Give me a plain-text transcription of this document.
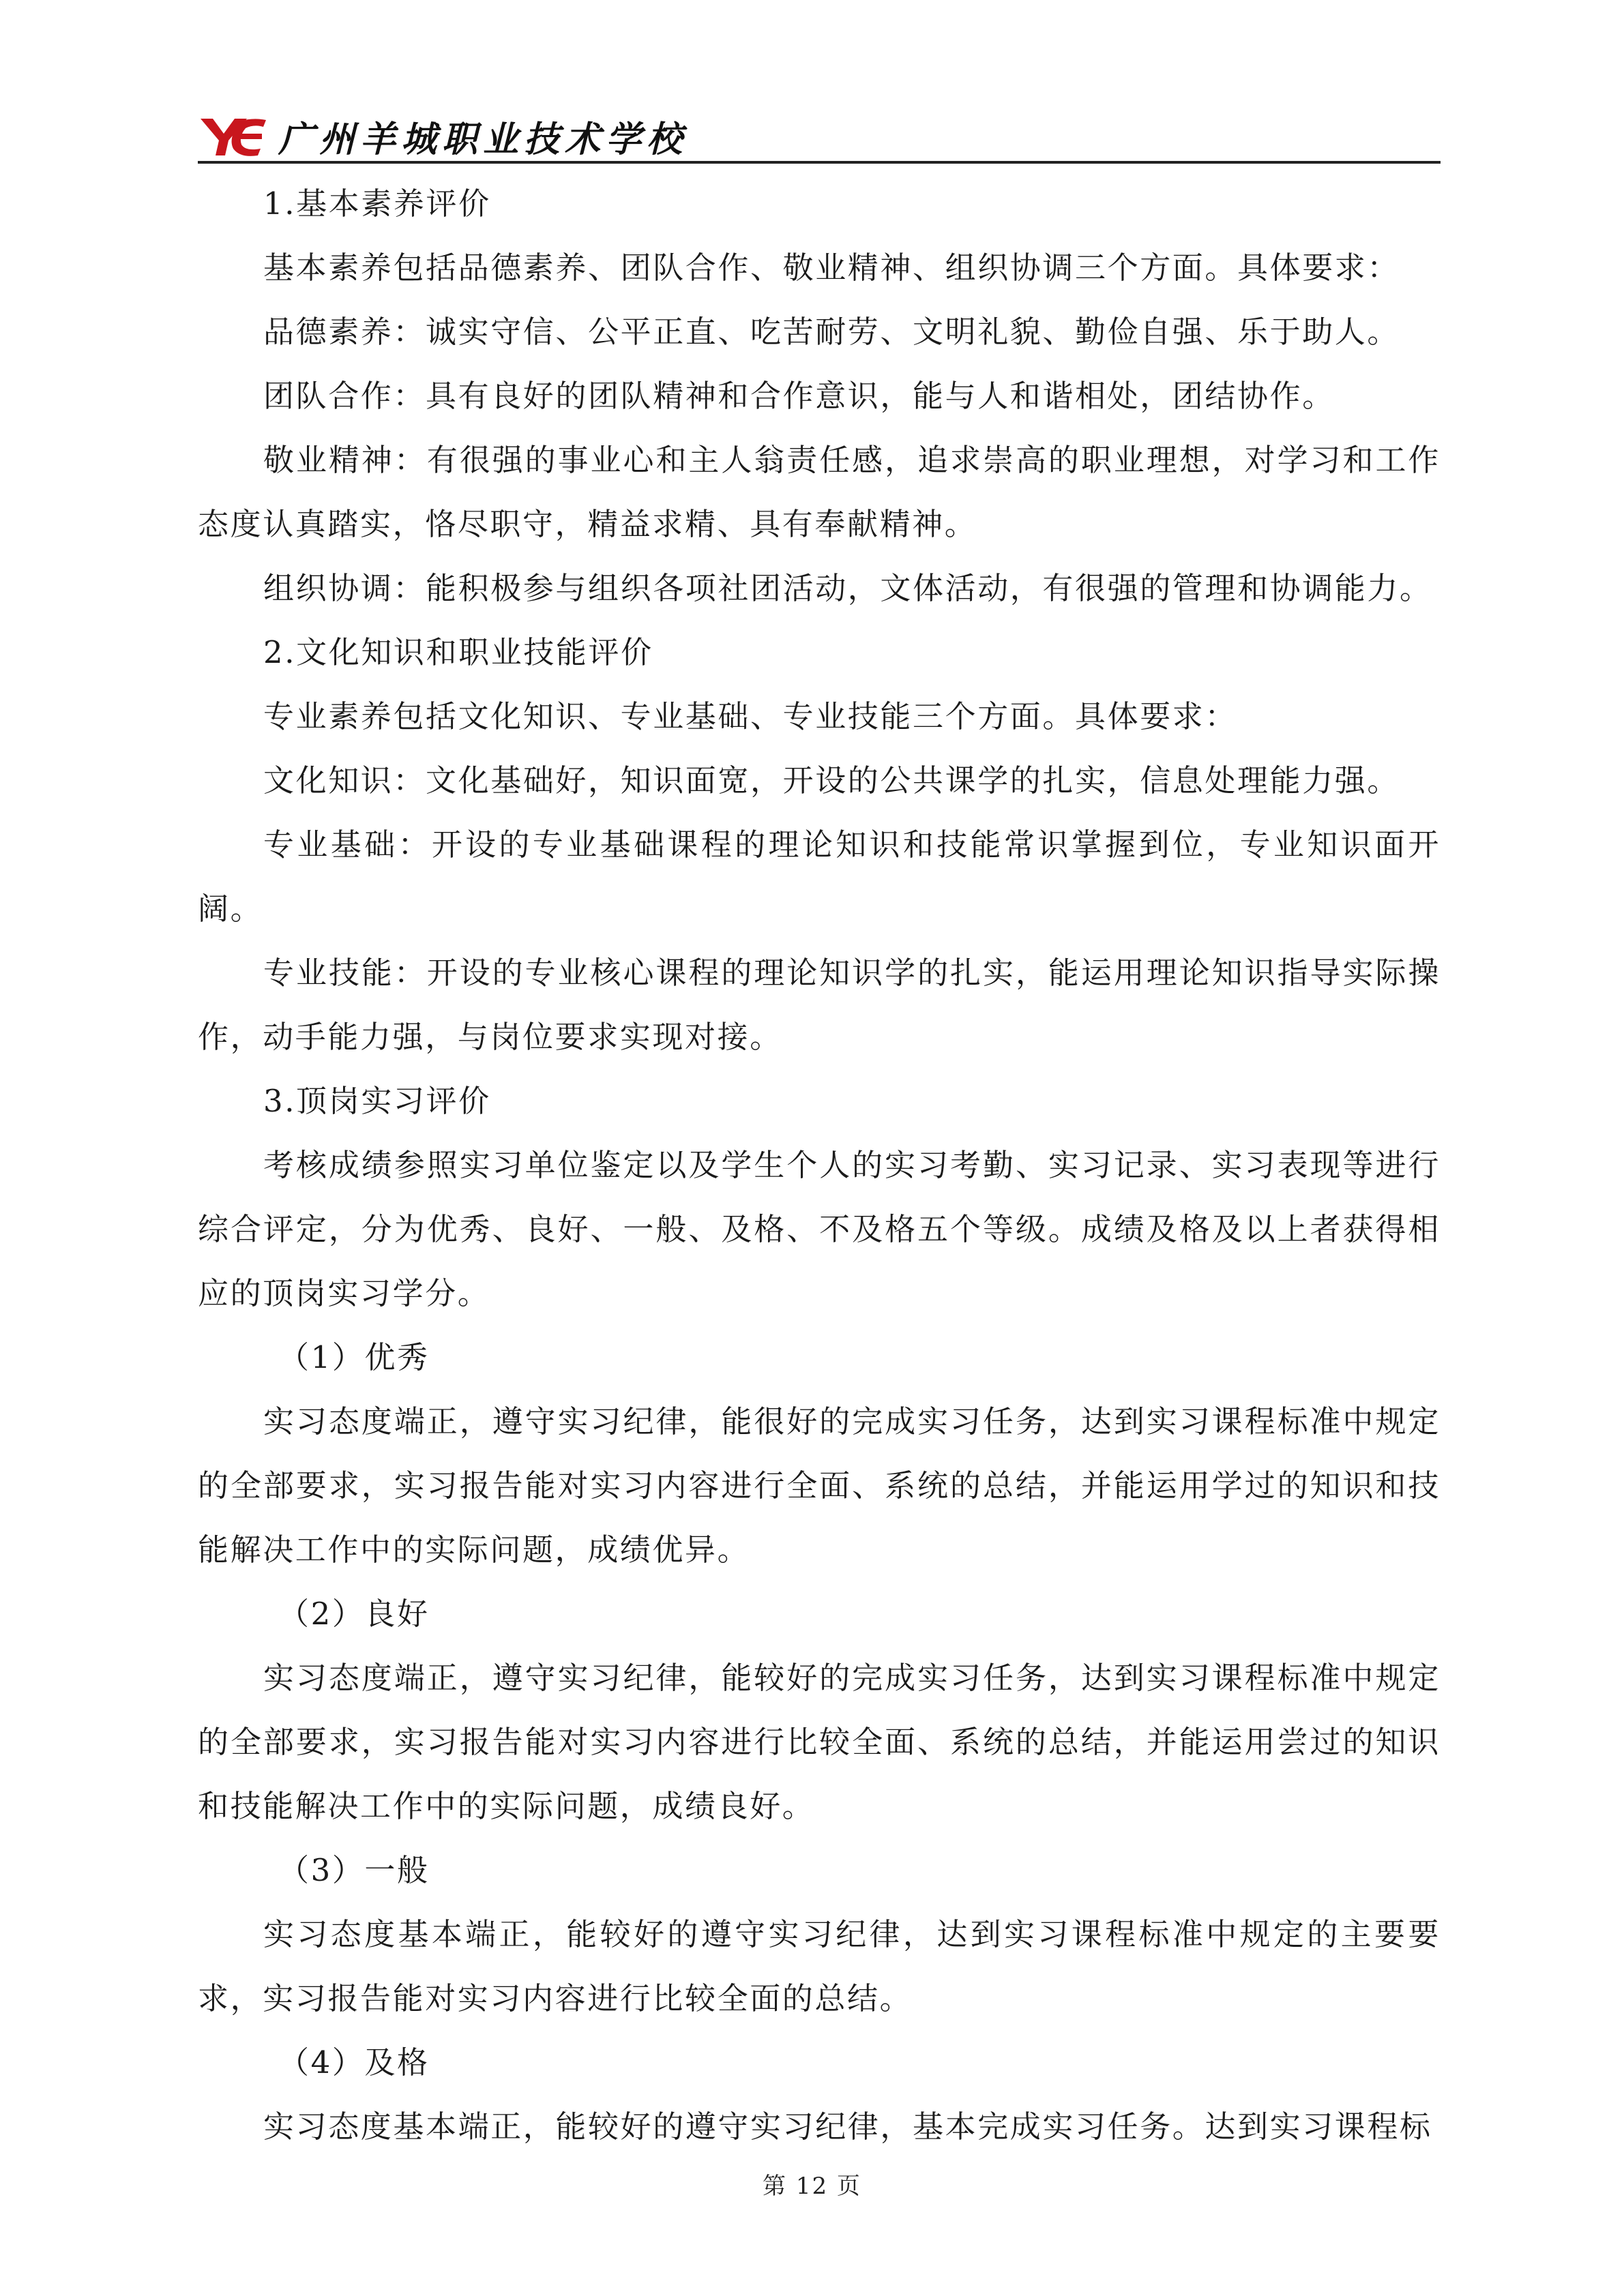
广州羊城职业技术学校

1.基本素养评价

基本素养包括品德素养、团队合作、敬业精神、组织协调三个方面。具体要求：

品德素养：诚实守信、公平正直、吃苦耐劳、文明礼貌、勤俭自强、乐于助人。

团队合作：具有良好的团队精神和合作意识，能与人和谐相处，团结协作。

敬业精神：有很强的事业心和主人翁责任感，追求崇高的职业理想，对学习和工作态度认真踏实，恪尽职守，精益求精、具有奉献精神。

组织协调：能积极参与组织各项社团活动，文体活动，有很强的管理和协调能力。

2.文化知识和职业技能评价

专业素养包括文化知识、专业基础、专业技能三个方面。具体要求：

文化知识：文化基础好，知识面宽，开设的公共课学的扎实，信息处理能力强。

专业基础：开设的专业基础课程的理论知识和技能常识掌握到位，专业知识面开阔。

专业技能：开设的专业核心课程的理论知识学的扎实，能运用理论知识指导实际操作，动手能力强，与岗位要求实现对接。

3.顶岗实习评价

考核成绩参照实习单位鉴定以及学生个人的实习考勤、实习记录、实习表现等进行综合评定，分为优秀、良好、一般、及格、不及格五个等级。成绩及格及以上者获得相应的顶岗实习学分。

（1）优秀

实习态度端正，遵守实习纪律，能很好的完成实习任务，达到实习课程标准中规定的全部要求，实习报告能对实习内容进行全面、系统的总结，并能运用学过的知识和技能解决工作中的实际问题，成绩优异。

（2）良好

实习态度端正，遵守实习纪律，能较好的完成实习任务，达到实习课程标准中规定的全部要求，实习报告能对实习内容进行比较全面、系统的总结，并能运用尝过的知识和技能解决工作中的实际问题，成绩良好。

（3）一般

实习态度基本端正，能较好的遵守实习纪律，达到实习课程标准中规定的主要要求，实习报告能对实习内容进行比较全面的总结。

（4）及格

实习态度基本端正，能较好的遵守实习纪律，基本完成实习任务。达到实习课程标

第 12 页
